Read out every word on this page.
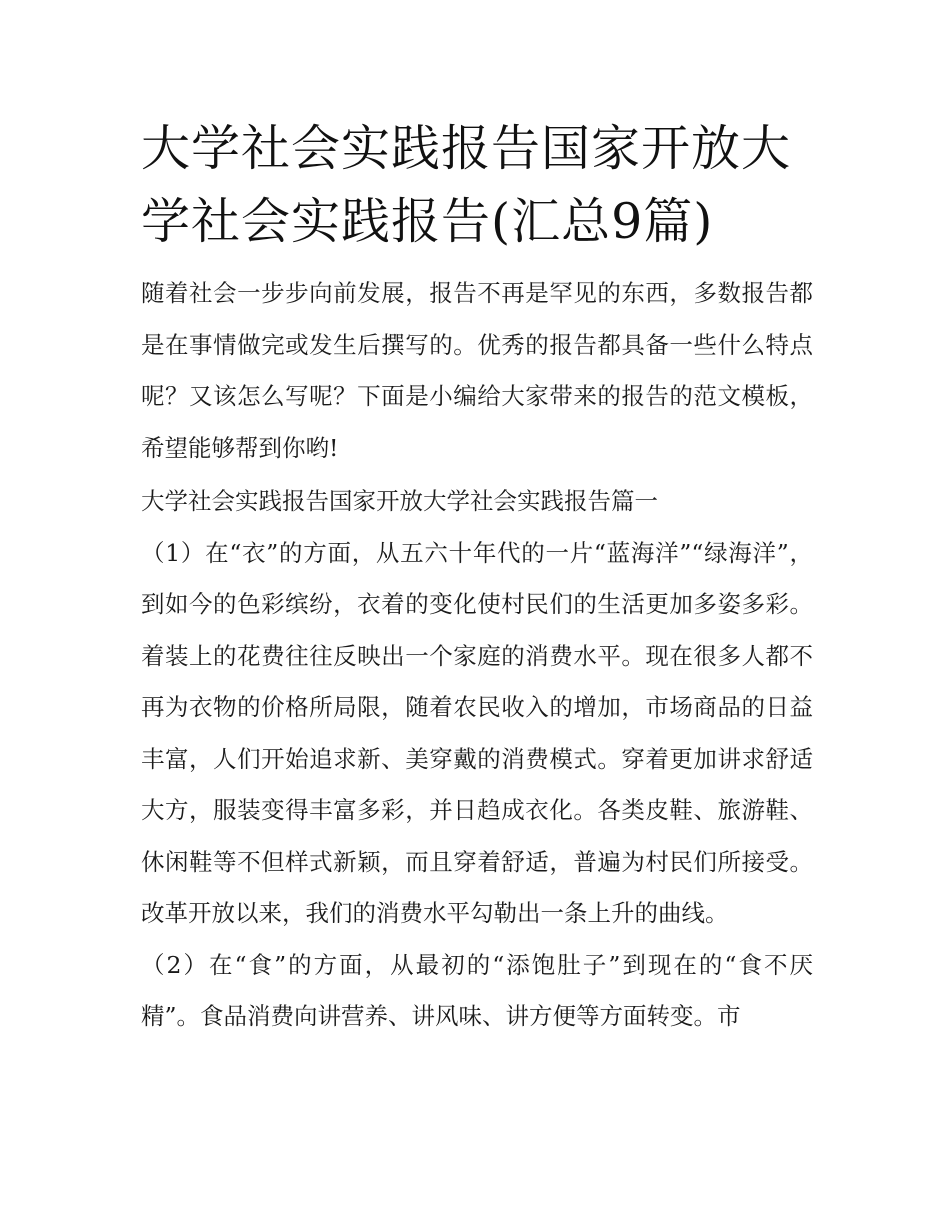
大学社会实践报告国家开放大学社会实践报告(汇总9篇)

随着社会一步步向前发展，报告不再是罕见的东西，多数报告都是在事情做完或发生后撰写的。优秀的报告都具备一些什么特点呢？又该怎么写呢？下面是小编给大家带来的报告的范文模板，希望能够帮到你哟!

大学社会实践报告国家开放大学社会实践报告篇一

（1）在“衣”的方面，从五六十年代的一片“蓝海洋”“绿海洋”，到如今的色彩缤纷，衣着的变化使村民们的生活更加多姿多彩。着装上的花费往往反映出一个家庭的消费水平。现在很多人都不再为衣物的价格所局限，随着农民收入的增加，市场商品的日益丰富，人们开始追求新、美穿戴的消费模式。穿着更加讲求舒适大方，服装变得丰富多彩，并日趋成衣化。各类皮鞋、旅游鞋、休闲鞋等不但样式新颖，而且穿着舒适，普遍为村民们所接受。改革开放以来，我们的消费水平勾勒出一条上升的曲线。

（2）在“食”的方面，从最初的“添饱肚子”到现在的“食不厌精”。食品消费向讲营养、讲风味、讲方便等方面转变。市
